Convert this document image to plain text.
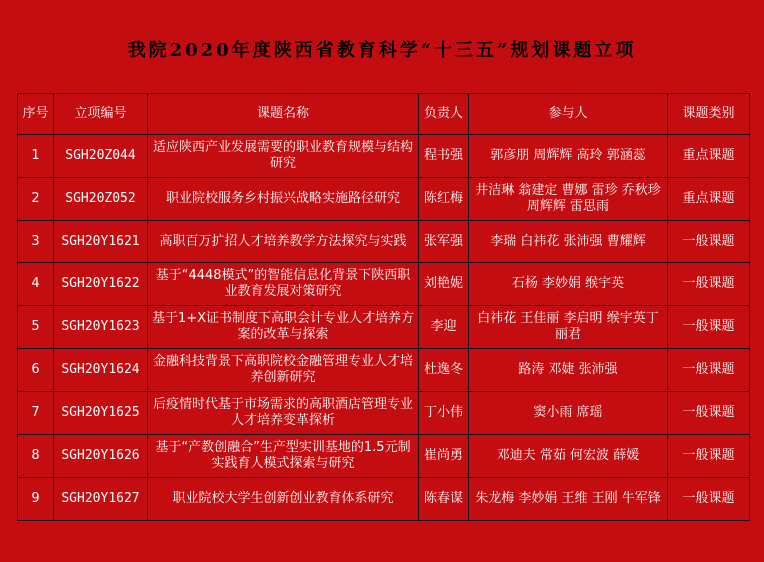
我院2020年度陕西省教育科学“十三五”规划课题立项
序号	立项编号	课题名称	负责人	参与人	课题类别
1	SGH20Z044	适应陕西产业发展需要的职业教育规模与结构研究	程书强	郭彦朋 周辉辉 高玲 郭涵蕊	重点课题
2	SGH20Z052	职业院校服务乡村振兴战略实施路径研究	陈红梅	井洁琳 翁建定 曹娜 雷珍 乔秋珍 周辉辉 雷思雨	重点课题
3	SGH20Y1621	高职百万扩招人才培养教学方法探究与实践	张军强	李瑞 白祎花 张沛强 曹耀辉	一般课题
4	SGH20Y1622	基于“4448模式”的智能信息化背景下陕西职业教育发展对策研究	刘艳妮	石杨 李妙娟 缑宇英	一般课题
5	SGH20Y1623	基于1+X证书制度下高职会计专业人才培养方案的改革与探索	李迎	白祎花 王佳丽 李启明 缑宇英丁丽君	一般课题
6	SGH20Y1624	金融科技背景下高职院校金融管理专业人才培养创新研究	杜逸冬	路涛 邓婕 张沛强	一般课题
7	SGH20Y1625	后疫情时代基于市场需求的高职酒店管理专业人才培养变革探析	丁小伟	窦小雨 席瑶	一般课题
8	SGH20Y1626	基于“产教创融合”生产型实训基地的1.5元制实践育人模式探索与研究	崔尚勇	邓迪夫 常茹 何宏波 薛媛	一般课题
9	SGH20Y1627	职业院校大学生创新创业教育体系研究	陈春谋	朱龙梅 李妙娟 王维 王刚 牛军锋	一般课题
